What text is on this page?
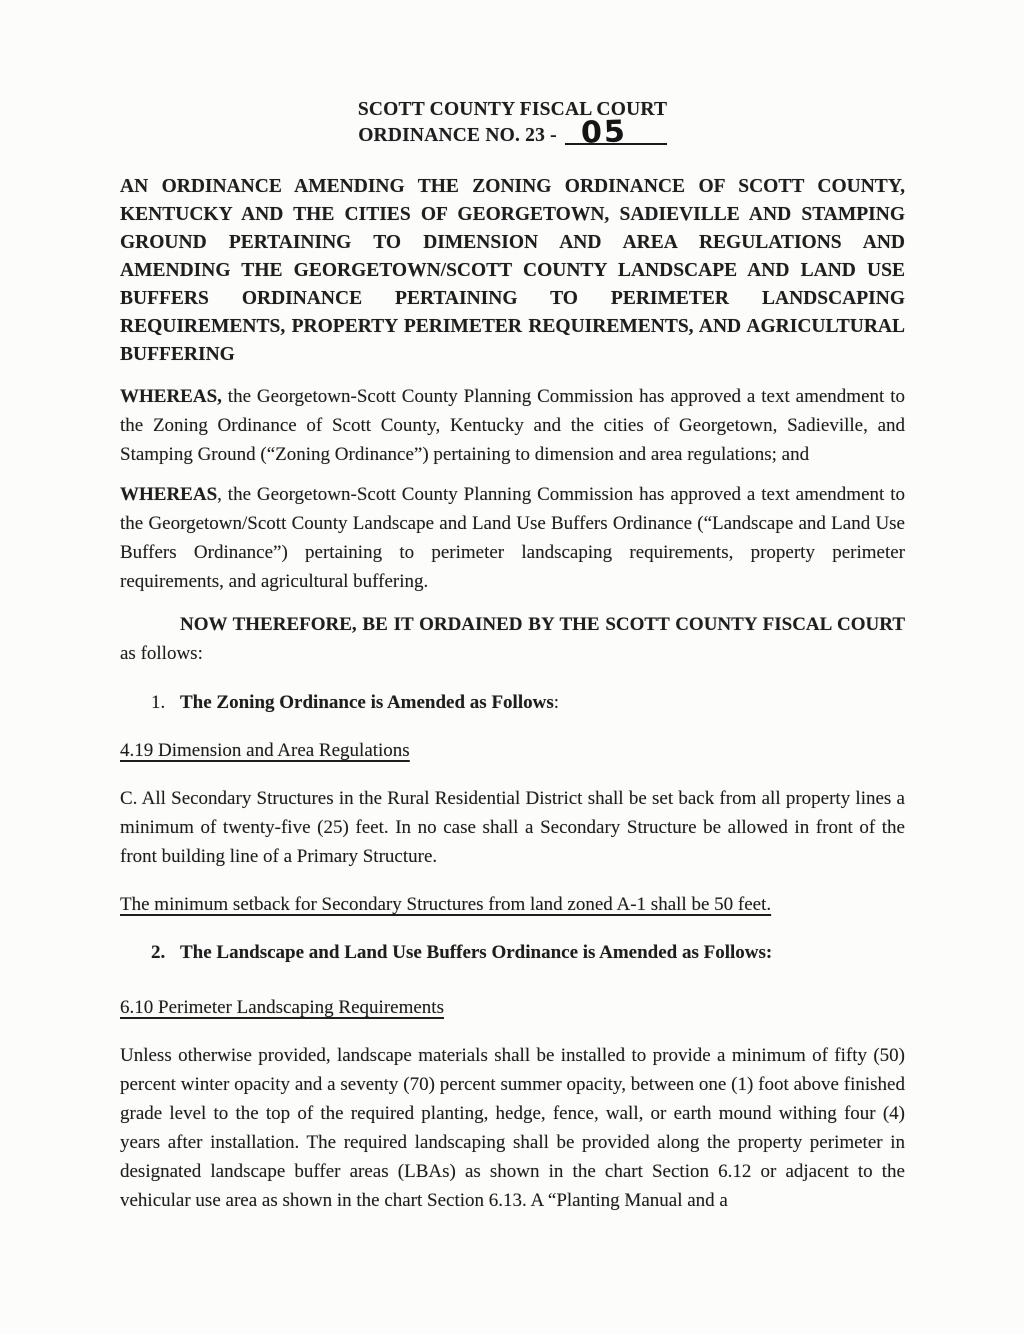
SCOTT COUNTY FISCAL COURT
ORDINANCE NO. 23 - 05

AN ORDINANCE AMENDING THE ZONING ORDINANCE OF SCOTT COUNTY, KENTUCKY AND THE CITIES OF GEORGETOWN, SADIEVILLE AND STAMPING GROUND PERTAINING TO DIMENSION AND AREA REGULATIONS AND AMENDING THE GEORGETOWN/SCOTT COUNTY LANDSCAPE AND LAND USE BUFFERS ORDINANCE PERTAINING TO PERIMETER LANDSCAPING REQUIREMENTS, PROPERTY PERIMETER REQUIREMENTS, AND AGRICULTURAL BUFFERING

WHEREAS, the Georgetown-Scott County Planning Commission has approved a text amendment to the Zoning Ordinance of Scott County, Kentucky and the cities of Georgetown, Sadieville, and Stamping Ground (“Zoning Ordinance”) pertaining to dimension and area regulations; and

WHEREAS, the Georgetown-Scott County Planning Commission has approved a text amendment to the Georgetown/Scott County Landscape and Land Use Buffers Ordinance (“Landscape and Land Use Buffers Ordinance”) pertaining to perimeter landscaping requirements, property perimeter requirements, and agricultural buffering.

NOW THEREFORE, BE IT ORDAINED BY THE SCOTT COUNTY FISCAL COURT as follows:

1. The Zoning Ordinance is Amended as Follows:

4.19 Dimension and Area Regulations

C. All Secondary Structures in the Rural Residential District shall be set back from all property lines a minimum of twenty-five (25) feet. In no case shall a Secondary Structure be allowed in front of the front building line of a Primary Structure.

The minimum setback for Secondary Structures from land zoned A-1 shall be 50 feet.

2. The Landscape and Land Use Buffers Ordinance is Amended as Follows:

6.10 Perimeter Landscaping Requirements

Unless otherwise provided, landscape materials shall be installed to provide a minimum of fifty (50) percent winter opacity and a seventy (70) percent summer opacity, between one (1) foot above finished grade level to the top of the required planting, hedge, fence, wall, or earth mound withing four (4) years after installation. The required landscaping shall be provided along the property perimeter in designated landscape buffer areas (LBAs) as shown in the chart Section 6.12 or adjacent to the vehicular use area as shown in the chart Section 6.13. A “Planting Manual and a
